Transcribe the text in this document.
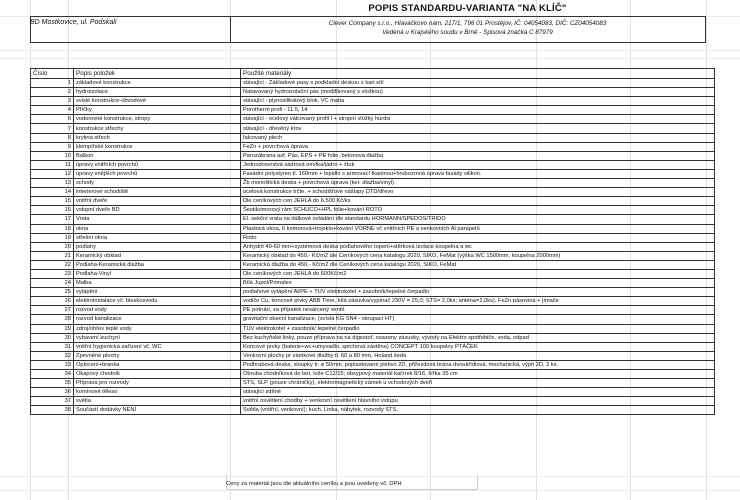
POPIS STANDARDU-VARIANTA "NA KLÍČ"
BD Mostkovice, ul. Podskalí	Clever Company s.r.o., Hlaváčkovo nám. 217/1, 796 01 Prostějov, IČ: 04054083, DIČ: CZ04054083
Vedená u Krajského soudu v Brně - Spisová značka C 87979
Číslo	Popis položek	Použité materiály
1	základové konstrukce	stávající - Základové pasy s podkladní deskou s kari sítí
2	hydroizolace	Natavovaný hydroizolační pás (modifikovaný s vložkou)
3	svislé konstrukce-obvodové	stávající - plynosilikátový blok, VC malta
4	Příčky	Porotherm profi - 11.5, 14
6	vodorovné konstrukce, stropy	stávající - ocelový válcovaný profil I + stropní vložky hurdis
7	konstrukce střechy	stávající - dřevěný krov
8	krytina střech	falcovaný plech
9	klempířské konstrukce	FeZn + povrchová úprava
10	Balkon	Parozábrana asf. Pás, EPS + PE folie, betonová dlažba
11	úpravy vnitřních povrchů	Jednodosvrstvá sádrová omítka/jádro + štuk
12	úpravy vnějších povrchů	Fasádní polystyren tl. 160mm + lepidlo s armovací tkaninou+hrubozrnná úprava fasády silikon.
13	schody	Žb monolitická deska + povrchová úprava (ker. dlažba/vinyl)
14	interierové schodiště	ocelová konstrukce trčte. + schodišťové nášlapy DTD/dřevo
15	vnitřní dveře	Dle ceníkových cen JEHLA do 6.500 Kč/ks
16	vstupní dveře BD	Šestikomorový rám SCHUCO+HPL folie+kování ROTO
17	Vrata	El. sekční vrata na dálkové ovládání dle standardu HORMANN/SPEDOS/TRIDO
18	okna	Plastová okna, 6 komorová+trojsklo+kování VORNE vč vnitřních PE a venkovních Al parapetů
19	střešní okna	Rotto
20	podlahy	Anhydrit 40-60 mm+systémová deska podlahového topení+stěrková izolace koupelna a wc
21	Keramický obklad	Keramický obklad do 450,- Kč/m2 dle Ceníkových cena katalogu 2020, SIKO, FeMat (výška WC 1500mm, koupelna 2000mm)
22	Podlaha-Keramická dlažba	Keramická dlažba do 450,- Kč/m2 dle Ceníkových cena katalogu 2020, SIKO, FeMat
23	Podlaha-Vinyl	Dle ceníkových cen JEHLA do 600Kč/m2
24	Malba	Bílá Jupol/Primalex
25	vytápění	podlahové vytápění Al/PE + TUV elektrokotel + zasobník/tepelné čerpadlo
26	elektroinstalace vč. bleskosvodu	vodiče Cu, koncové prvky ABB Time, bílá zásuvka/vypínač 230V = 25,0; STS= 2,0ks; anténa=2,0ks), FeZn pásovina + jímače
27	rozvod vody	PE potrubí, za přípatek nesárcený ventil.
28	rozvod kanalizace	gravitační obecní kanalizace, (svíslá KG SN4 - stoupací HT)
29	zdroj/ohřev teplé vody	TUV elektrokotel + zasobník/ tepelné čerpadlo
30	vybavení kuchyní	Bez kuchyňské linky, pouze příprava na na digestoř, osazeny zásuvky, vývody na Elektro spotřebiče, voda, odpad
31	vnitřní hygienická zařízení vč. WC	Koncové prvky (baterie+wc+umyvadlo, sprchová zástěna) CONCEPT 100 koupelny PTÁČEK
32	Zpevněné plochy	Venkovní plochy pr zámkové dlažby tl. 60 a 80 mm, Holand šedá
33	Oplocení+branka	Podhrabová deska, sloupky tr. ø 50mm, poplastované pletivo 2D, přířezdová brána dvoukřídlová, mechanická, výpň 2D, 2 ks.
34	Okapový chodník	Obruba chodníková do bet. lože C12/15; obsypový materiál kačírek 8/16, šířka 35 cm
35	Příprava pro rozvody	STS, SLP (pouze chráničky), elektromagnetický zámek u vchodových dveří
36	komínové těleso	stávající zděné
37	světla	vnitřní osvětlení chodby + venkovní osvětlení hlavního vstupu
38	Součástí dodávky NENÍ	Světla (vnitřní, venkovní); kuch. Linka, nábytek, rozvody STS,
Ceny za materiál jsou dle aktuálního ceníku a jsou uvedeny vč. DPH
